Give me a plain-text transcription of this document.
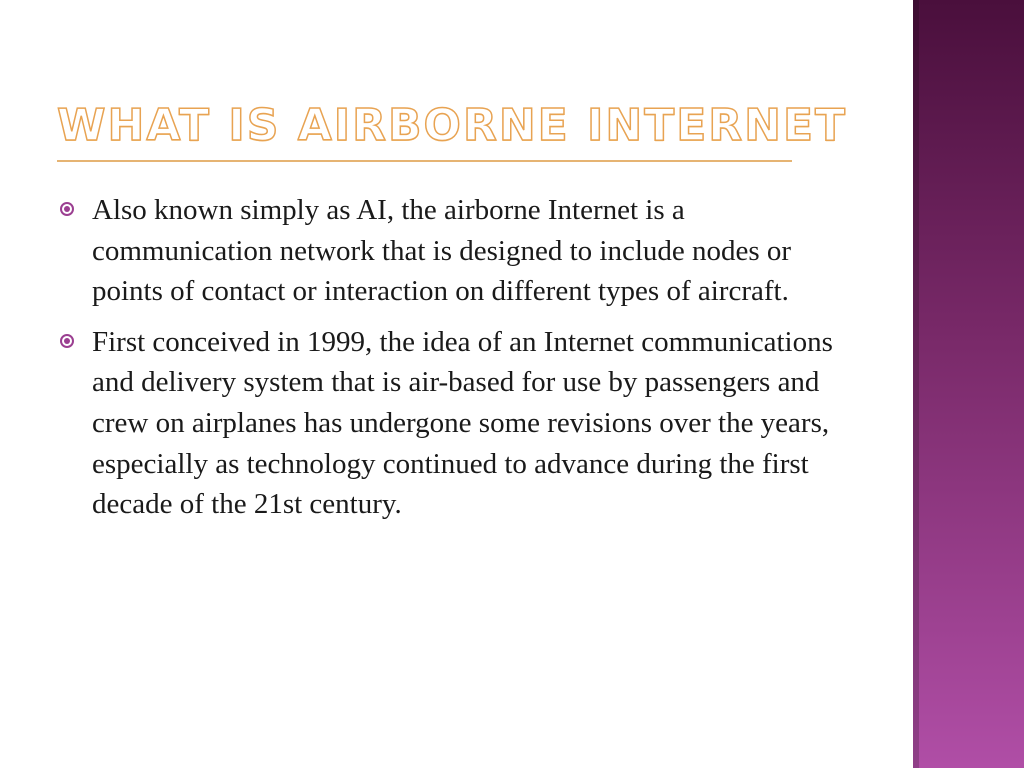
WHAT IS AIRBORNE INTERNET
Also known simply as AI, the airborne Internet is a communication network that is designed to include nodes or points of contact or interaction on different types of aircraft.
First conceived in 1999, the idea of an Internet communications and delivery system that is air-based for use by passengers and crew on airplanes has undergone some revisions over the years, especially as technology continued to advance during the first decade of the 21st century.
